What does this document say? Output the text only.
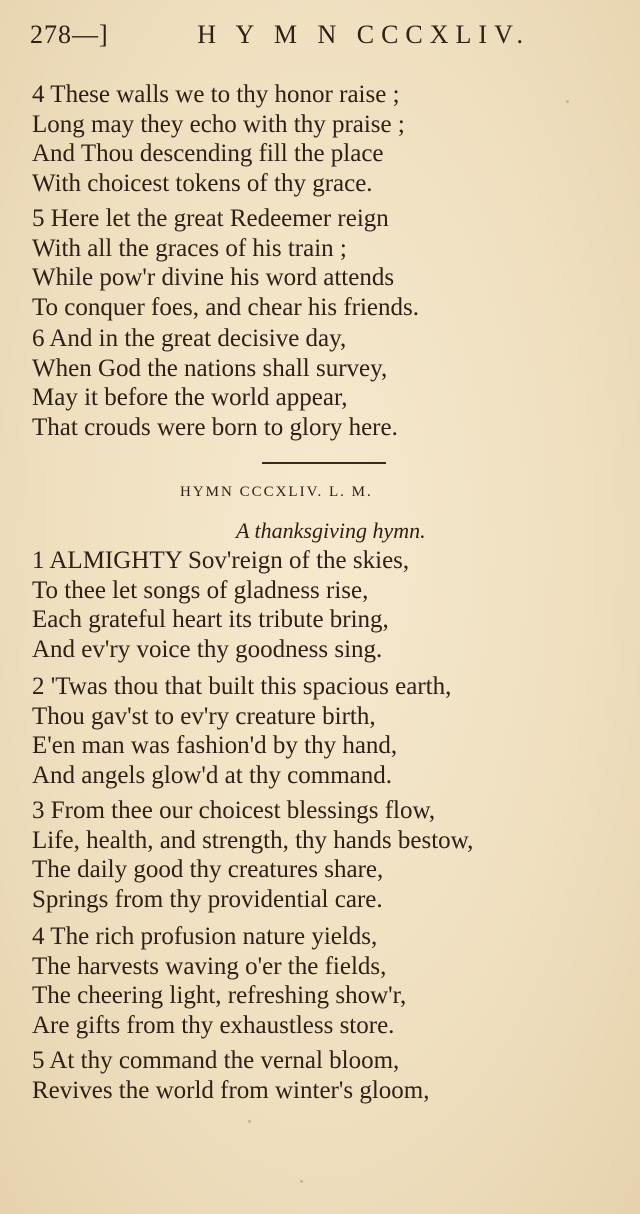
278—]	H Y M N CCCXLIV.
4 These walls we to thy honor raise ;
Long may they echo with thy praise ;
And Thou descending fill the place
With choicest tokens of thy grace.
5 Here let the great Redeemer reign
With all the graces of his train ;
While pow'r divine his word attends
To conquer foes, and chear his friends.
6 And in the great decisive day,
When God the nations shall survey,
May it before the world appear,
That crouds were born to glory here.
HYMN CCCXLIV. L. M.
A thanksgiving hymn.
1 ALMIGHTY Sov'reign of the skies,
To thee let songs of gladness rise,
Each grateful heart its tribute bring,
And ev'ry voice thy goodness sing.
2 'Twas thou that built this spacious earth,
Thou gav'st to ev'ry creature birth,
E'en man was fashion'd by thy hand,
And angels glow'd at thy command.
3 From thee our choicest blessings flow,
Life, health, and strength, thy hands bestow,
The daily good thy creatures share,
Springs from thy providential care.
4 The rich profusion nature yields,
The harvests waving o'er the fields,
The cheering light, refreshing show'r,
Are gifts from thy exhaustless store.
5 At thy command the vernal bloom,
Revives the world from winter's gloom,
